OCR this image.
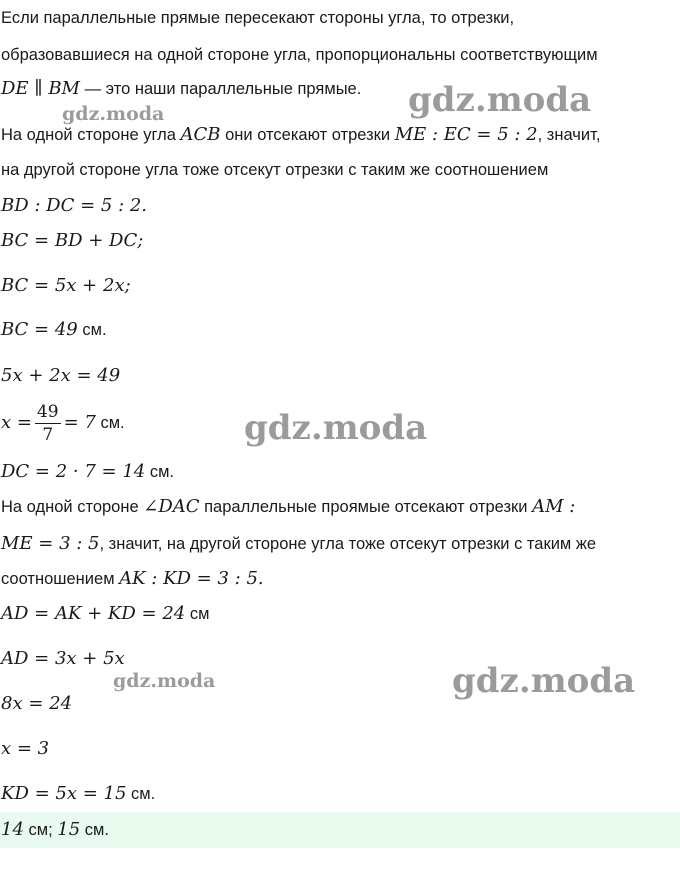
Если параллельные прямые пересекают стороны угла, то отрезки,
образовавшиеся на одной стороне угла, пропорциональны соответствующим
DE ∥ BM — это наши параллельные прямые.
На одной стороне угла ACB они отсекают отрезки ME : EC = 5 : 2, значит,
на другой стороне угла тоже отсекут отрезки с таким же соотношением
BD : DC = 5 : 2.
BC = BD + DC;
BC = 5x + 2x;
BC = 49 см.
5x + 2x = 49
$x = \frac{49}{7} = 7$ см.
DC = 2 · 7 = 14 см.
На одной стороне ∠DAC параллельные проямые отсекают отрезки AM :
ME = 3 : 5, значит, на другой стороне угла тоже отсекут отрезки с таким же
соотношением AK : KD = 3 : 5.
AD = AK + KD = 24 см
AD = 3x + 5x
8x = 24
x = 3
KD = 5x = 15 см.
14 см; 15 см.
gdz.moda
gdz.moda
gdz.moda
gdz.moda	gdz.moda
